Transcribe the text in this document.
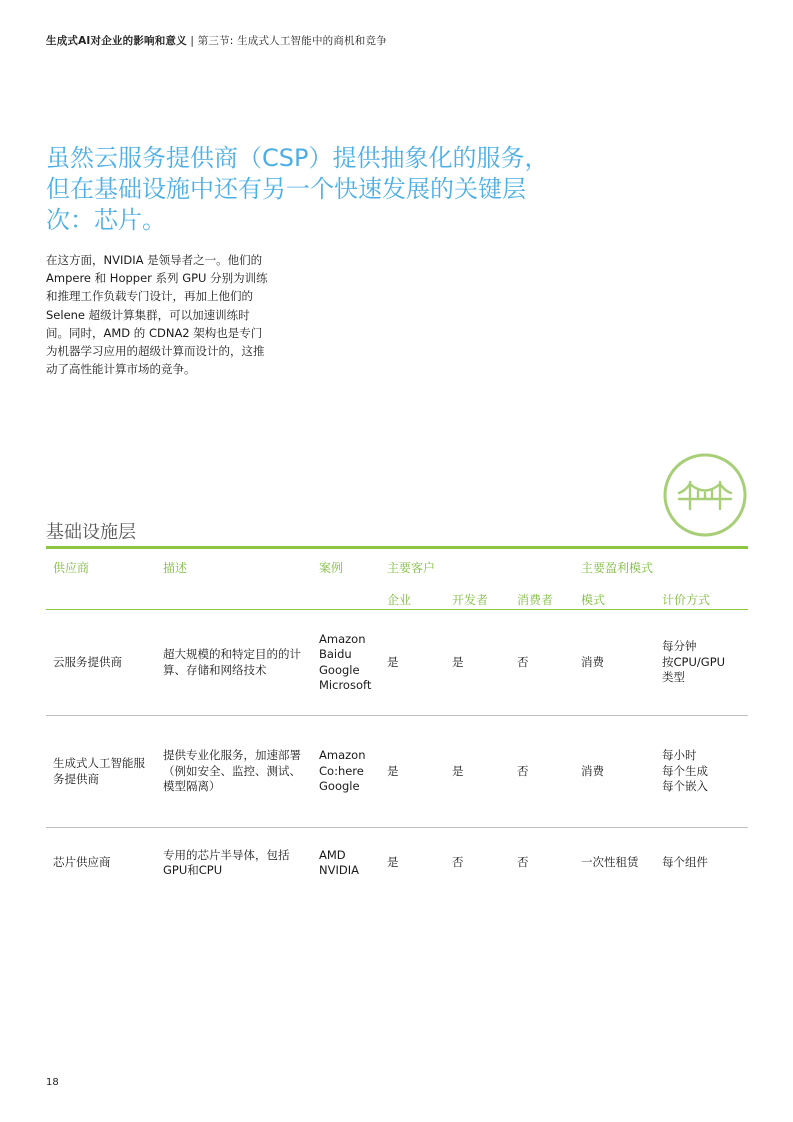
生成式AI对企业的影响和意义 | 第三节: 生成式人工智能中的商机和竞争
虽然云服务提供商（CSP）提供抽象化的服务，但在基础设施中还有另一个快速发展的关键层次：芯片。

在这方面，NVIDIA 是领导者之一。他们的 Ampere 和 Hopper 系列 GPU 分别为训练和推理工作负载专门设计，再加上他们的 Selene 超级计算集群，可以加速训练时间。同时，AMD 的 CDNA2 架构也是专门为机器学习应用的超级计算而设计的，这推动了高性能计算市场的竞争。

基础设施层
供应商	描述	案例	主要客户			主要盈利模式	
			企业	开发者	消费者	模式	计价方式
云服务提供商	超大规模的和特定目的的计算、存储和网络技术	Amazon
Baidu
Google
Microsoft	是	是	否	消费	每分钟
按CPU/GPU
类型

生成式人工智能服务提供商	提供专业化服务，加速部署（例如安全、监控、测试、模型隔离）	Amazon
Co:here
Google	是	是	否	消费	每小时
每个生成
每个嵌入

芯片供应商	专用的芯片半导体，包括GPU和CPU	AMD
NVIDIA	是	否	否	一次性租赁	每个组件
18
